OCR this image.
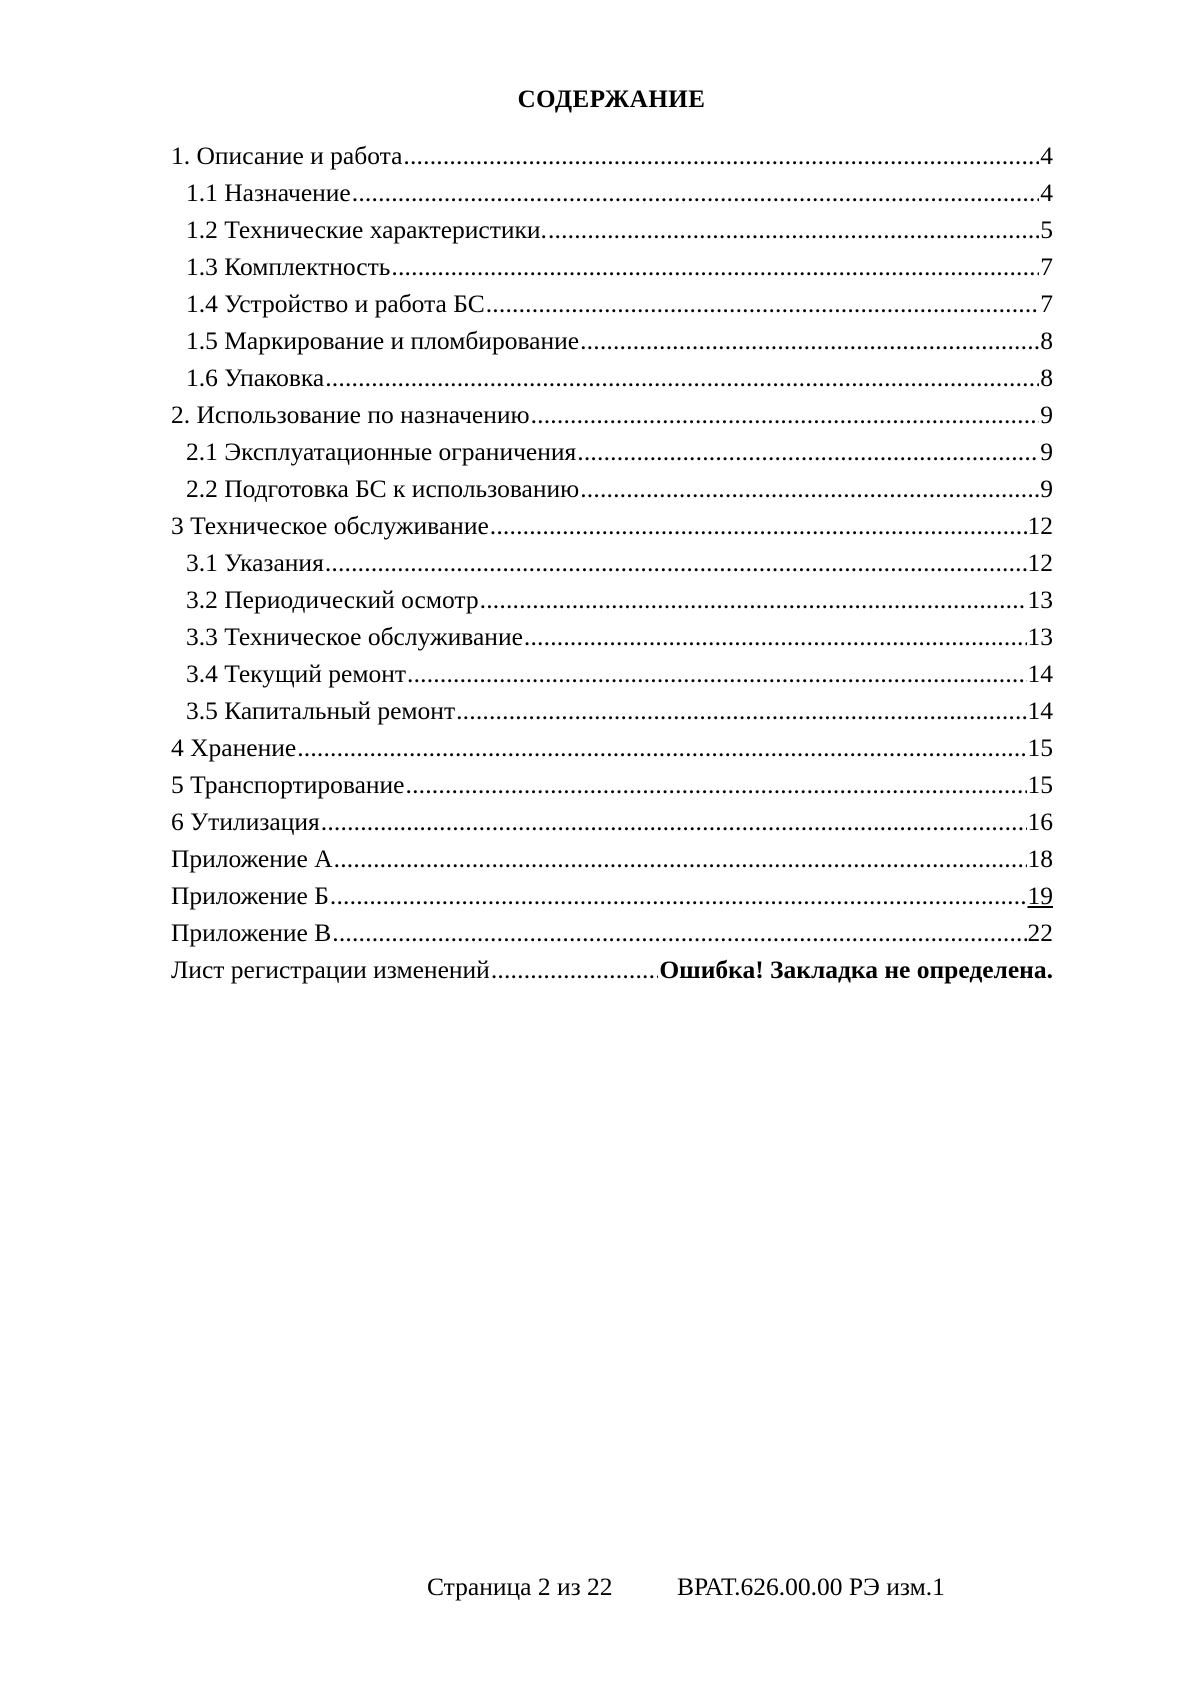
СОДЕРЖАНИЕ
1. Описание и работа .....	4
1.1 Назначение .....	4
1.2 Технические характеристики. .....	5
1.3 Комплектность .....	7
1.4 Устройство и работа БС .....	7
1.5 Маркирование и пломбирование .....	8
1.6 Упаковка .....	8
2. Использование по назначению .....	9
2.1 Эксплуатационные ограничения .....	9
2.2 Подготовка БС к использованию .....	9
3 Техническое обслуживание .....	12
3.1 Указания .....	12
3.2 Периодический осмотр .....	13
3.3 Техническое обслуживание .....	13
3.4 Текущий ремонт .....	14
3.5 Капитальный ремонт .....	14
4 Хранение .....	15
5 Транспортирование .....	15
6 Утилизация .....	16
Приложение А .....	18
Приложение Б .....	19
Приложение В .....	22
Лист регистрации изменений .....	Ошибка! Закладка не определена.
Страница 2 из 22	ВРАТ.626.00.00 РЭ изм.1
